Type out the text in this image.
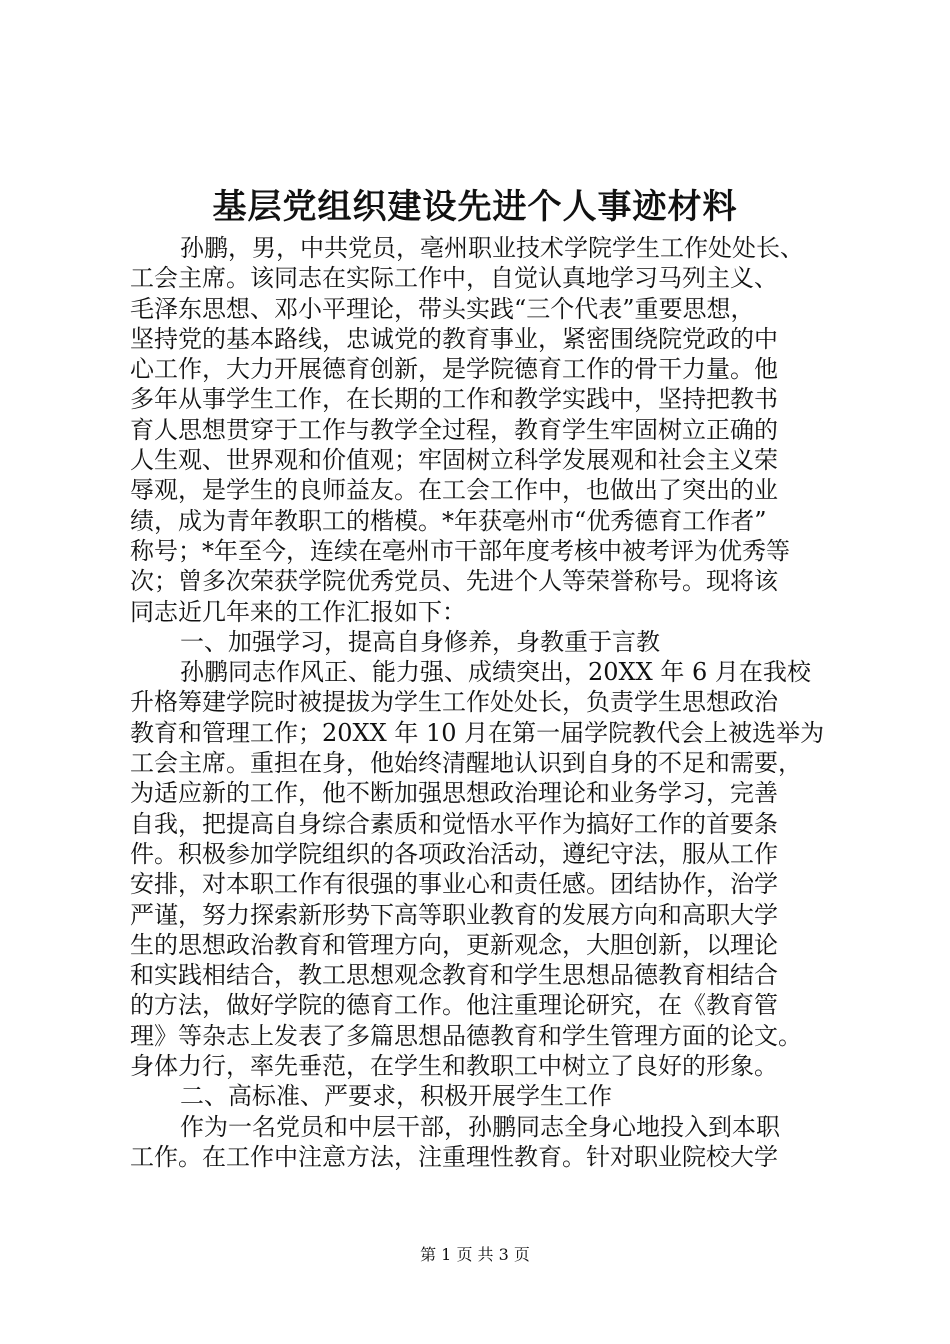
基层党组织建设先进个人事迹材料

孙鹏，男，中共党员，亳州职业技术学院学生工作处处长、

工会主席。该同志在实际工作中，自觉认真地学习马列主义、

毛泽东思想、邓小平理论，带头实践“三个代表”重要思想，

坚持党的基本路线，忠诚党的教育事业，紧密围绕院党政的中

心工作，大力开展德育创新，是学院德育工作的骨干力量。他

多年从事学生工作，在长期的工作和教学实践中，坚持把教书

育人思想贯穿于工作与教学全过程，教育学生牢固树立正确的

人生观、世界观和价值观；牢固树立科学发展观和社会主义荣

辱观，是学生的良师益友。在工会工作中，也做出了突出的业

绩，成为青年教职工的楷模。*年获亳州市“优秀德育工作者”

称号；*年至今，连续在亳州市干部年度考核中被考评为优秀等

次；曾多次荣获学院优秀党员、先进个人等荣誉称号。现将该

同志近几年来的工作汇报如下：

一、加强学习，提高自身修养，身教重于言教

孙鹏同志作风正、能力强、成绩突出，20XX 年 6 月在我校

升格筹建学院时被提拔为学生工作处处长，负责学生思想政治

教育和管理工作；20XX 年 10 月在第一届学院教代会上被选举为

工会主席。重担在身，他始终清醒地认识到自身的不足和需要，

为适应新的工作，他不断加强思想政治理论和业务学习，完善

自我，把提高自身综合素质和觉悟水平作为搞好工作的首要条

件。积极参加学院组织的各项政治活动，遵纪守法，服从工作

安排，对本职工作有很强的事业心和责任感。团结协作，治学

严谨，努力探索新形势下高等职业教育的发展方向和高职大学

生的思想政治教育和管理方向，更新观念，大胆创新，以理论

和实践相结合，教工思想观念教育和学生思想品德教育相结合

的方法，做好学院的德育工作。他注重理论研究，在《教育管

理》等杂志上发表了多篇思想品德教育和学生管理方面的论文。

身体力行，率先垂范，在学生和教职工中树立了良好的形象。

二、高标准、严要求，积极开展学生工作

作为一名党员和中层干部，孙鹏同志全身心地投入到本职

工作。在工作中注意方法，注重理性教育。针对职业院校大学

第 1 页 共 3 页
